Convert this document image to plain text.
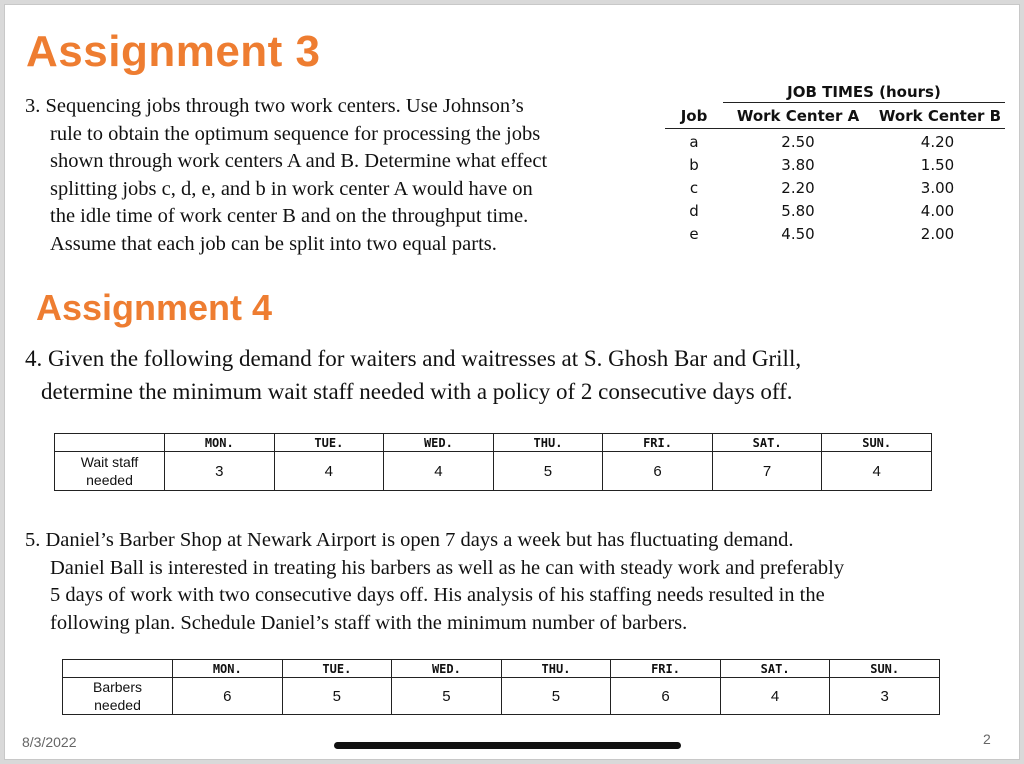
Assignment 3
3. Sequencing jobs through two work centers. Use Johnson’s
rule to obtain the optimum sequence for processing the jobs
shown through work centers A and B. Determine what effect
splitting jobs c, d, e, and b in work center A would have on
the idle time of work center B and on the throughput time.
Assume that each job can be split into two equal parts.
JOB TIMES (hours)
Job	Work Center A	Work Center B
a	2.50	4.20
b	3.80	1.50
c	2.20	3.00
d	5.80	4.00
e	4.50	2.00
Assignment 4
4. Given the following demand for waiters and waitresses at S. Ghosh Bar and Grill,
determine the minimum wait staff needed with a policy of 2 consecutive days off.
	MON.	TUE.	WED.	THU.	FRI.	SAT.	SUN.
Wait staff
needed	3	4	4	5	6	7	4
5. Daniel’s Barber Shop at Newark Airport is open 7 days a week but has fluctuating demand.
Daniel Ball is interested in treating his barbers as well as he can with steady work and preferably
5 days of work with two consecutive days off. His analysis of his staffing needs resulted in the
following plan. Schedule Daniel’s staff with the minimum number of barbers.
	MON.	TUE.	WED.	THU.	FRI.	SAT.	SUN.
Barbers
needed	6	5	5	5	6	4	3
8/3/2022	2
